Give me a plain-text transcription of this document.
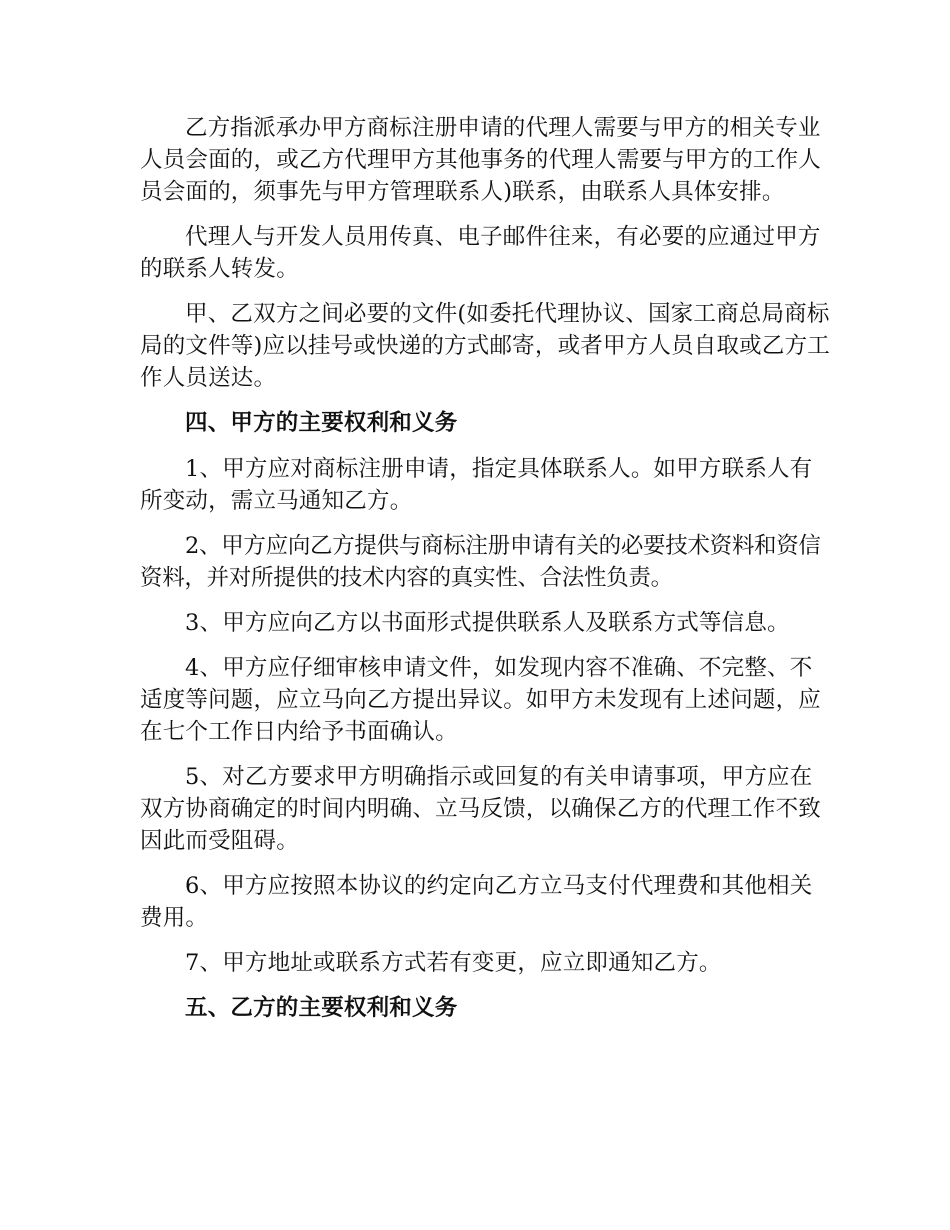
乙方指派承办甲方商标注册申请的代理人需要与甲方的相关专业人员会面的，或乙方代理甲方其他事务的代理人需要与甲方的工作人员会面的，须事先与甲方管理联系人)联系，由联系人具体安排。

代理人与开发人员用传真、电子邮件往来，有必要的应通过甲方的联系人转发。

甲、乙双方之间必要的文件(如委托代理协议、国家工商总局商标局的文件等)应以挂号或快递的方式邮寄，或者甲方人员自取或乙方工作人员送达。

四、甲方的主要权利和义务

1、甲方应对商标注册申请，指定具体联系人。如甲方联系人有所变动，需立马通知乙方。

2、甲方应向乙方提供与商标注册申请有关的必要技术资料和资信资料，并对所提供的技术内容的真实性、合法性负责。

3、甲方应向乙方以书面形式提供联系人及联系方式等信息。

4、甲方应仔细审核申请文件，如发现内容不准确、不完整、不适度等问题，应立马向乙方提出异议。如甲方未发现有上述问题，应在七个工作日内给予书面确认。

5、对乙方要求甲方明确指示或回复的有关申请事项，甲方应在双方协商确定的时间内明确、立马反馈，以确保乙方的代理工作不致因此而受阻碍。

6、甲方应按照本协议的约定向乙方立马支付代理费和其他相关费用。

7、甲方地址或联系方式若有变更，应立即通知乙方。

五、乙方的主要权利和义务
